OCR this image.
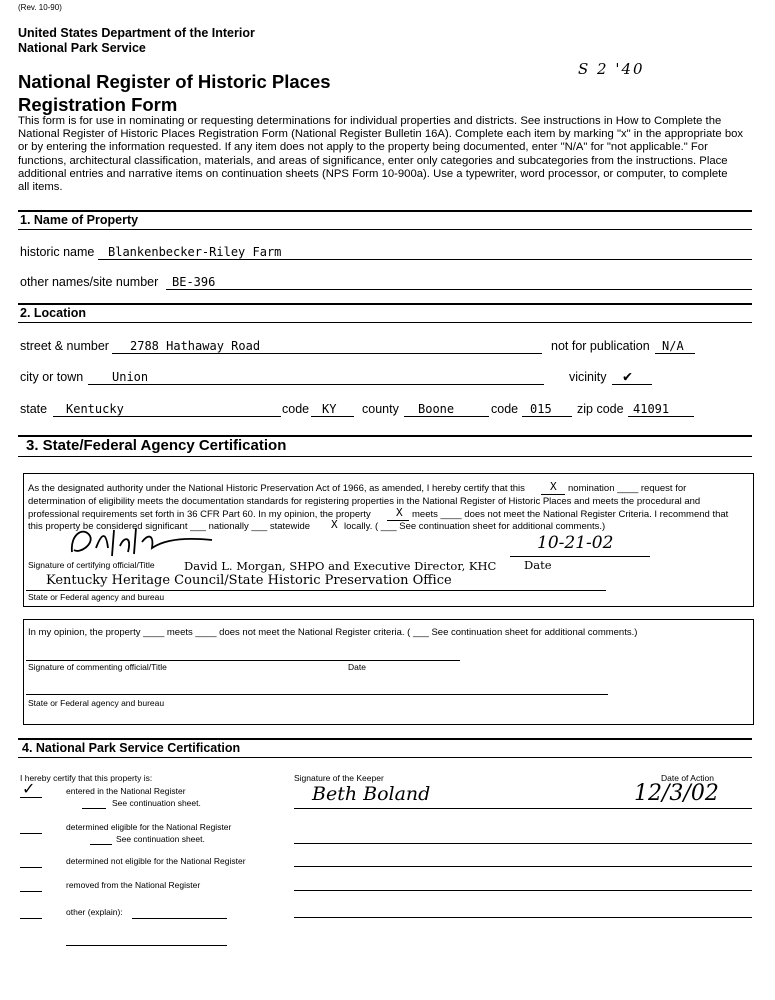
(Rev. 10-90)
United States Department of the Interior
National Park Service
S 2 '40
National Register of Historic Places
Registration Form
This form is for use in nominating or requesting determinations for individual properties and districts. See instructions in How to Complete the
National Register of Historic Places Registration Form (National Register Bulletin 16A). Complete each item by marking "x" in the appropriate box
or by entering the information requested. If any item does not apply to the property being documented, enter "N/A" for "not applicable." For
functions, architectural classification, materials, and areas of significance, enter only categories and subcategories from the instructions. Place
additional entries and narrative items on continuation sheets (NPS Form 10-900a). Use a typewriter, word processor, or computer, to complete
all items.
1. Name of Property
historic name Blankenbecker-Riley Farm
other names/site number BE-396
2. Location
street & number 2788 Hathaway Road	not for publication N/A
city or town Union	vicinity ✔
state Kentucky	code KY county Boone	code 015 zip code 41091
3. State/Federal Agency Certification
As the designated authority under the National Historic Preservation Act of 1966, as amended, I hereby certify that this X nomination ____ request for
determination of eligibility meets the documentation standards for registering properties in the National Register of Historic Places and meets the procedural and
professional requirements set forth in 36 CFR Part 60. In my opinion, the property X meets ____ does not meet the National Register Criteria. I recommend that
this property be considered significant ___ nationally ___ statewide X locally. ( ___ See continuation sheet for additional comments.)
Signature of certifying official/Title	David L. Morgan, SHPO and Executive Director, KHC
10-21-02
Date
Kentucky Heritage Council/State Historic Preservation Office
State or Federal agency and bureau
In my opinion, the property ____ meets ____ does not meet the National Register criteria. ( ___ See continuation sheet for additional comments.)
Signature of commenting official/Title	Date
State or Federal agency and bureau
4. National Park Service Certification
I hereby certify that this property is:	Signature of the Keeper	Date of Action
✓	entered in the National Register
See continuation sheet.	Beth Boland	12/3/02
determined eligible for the National Register
See continuation sheet.
determined not eligible for the National Register
removed from the National Register
other (explain):
